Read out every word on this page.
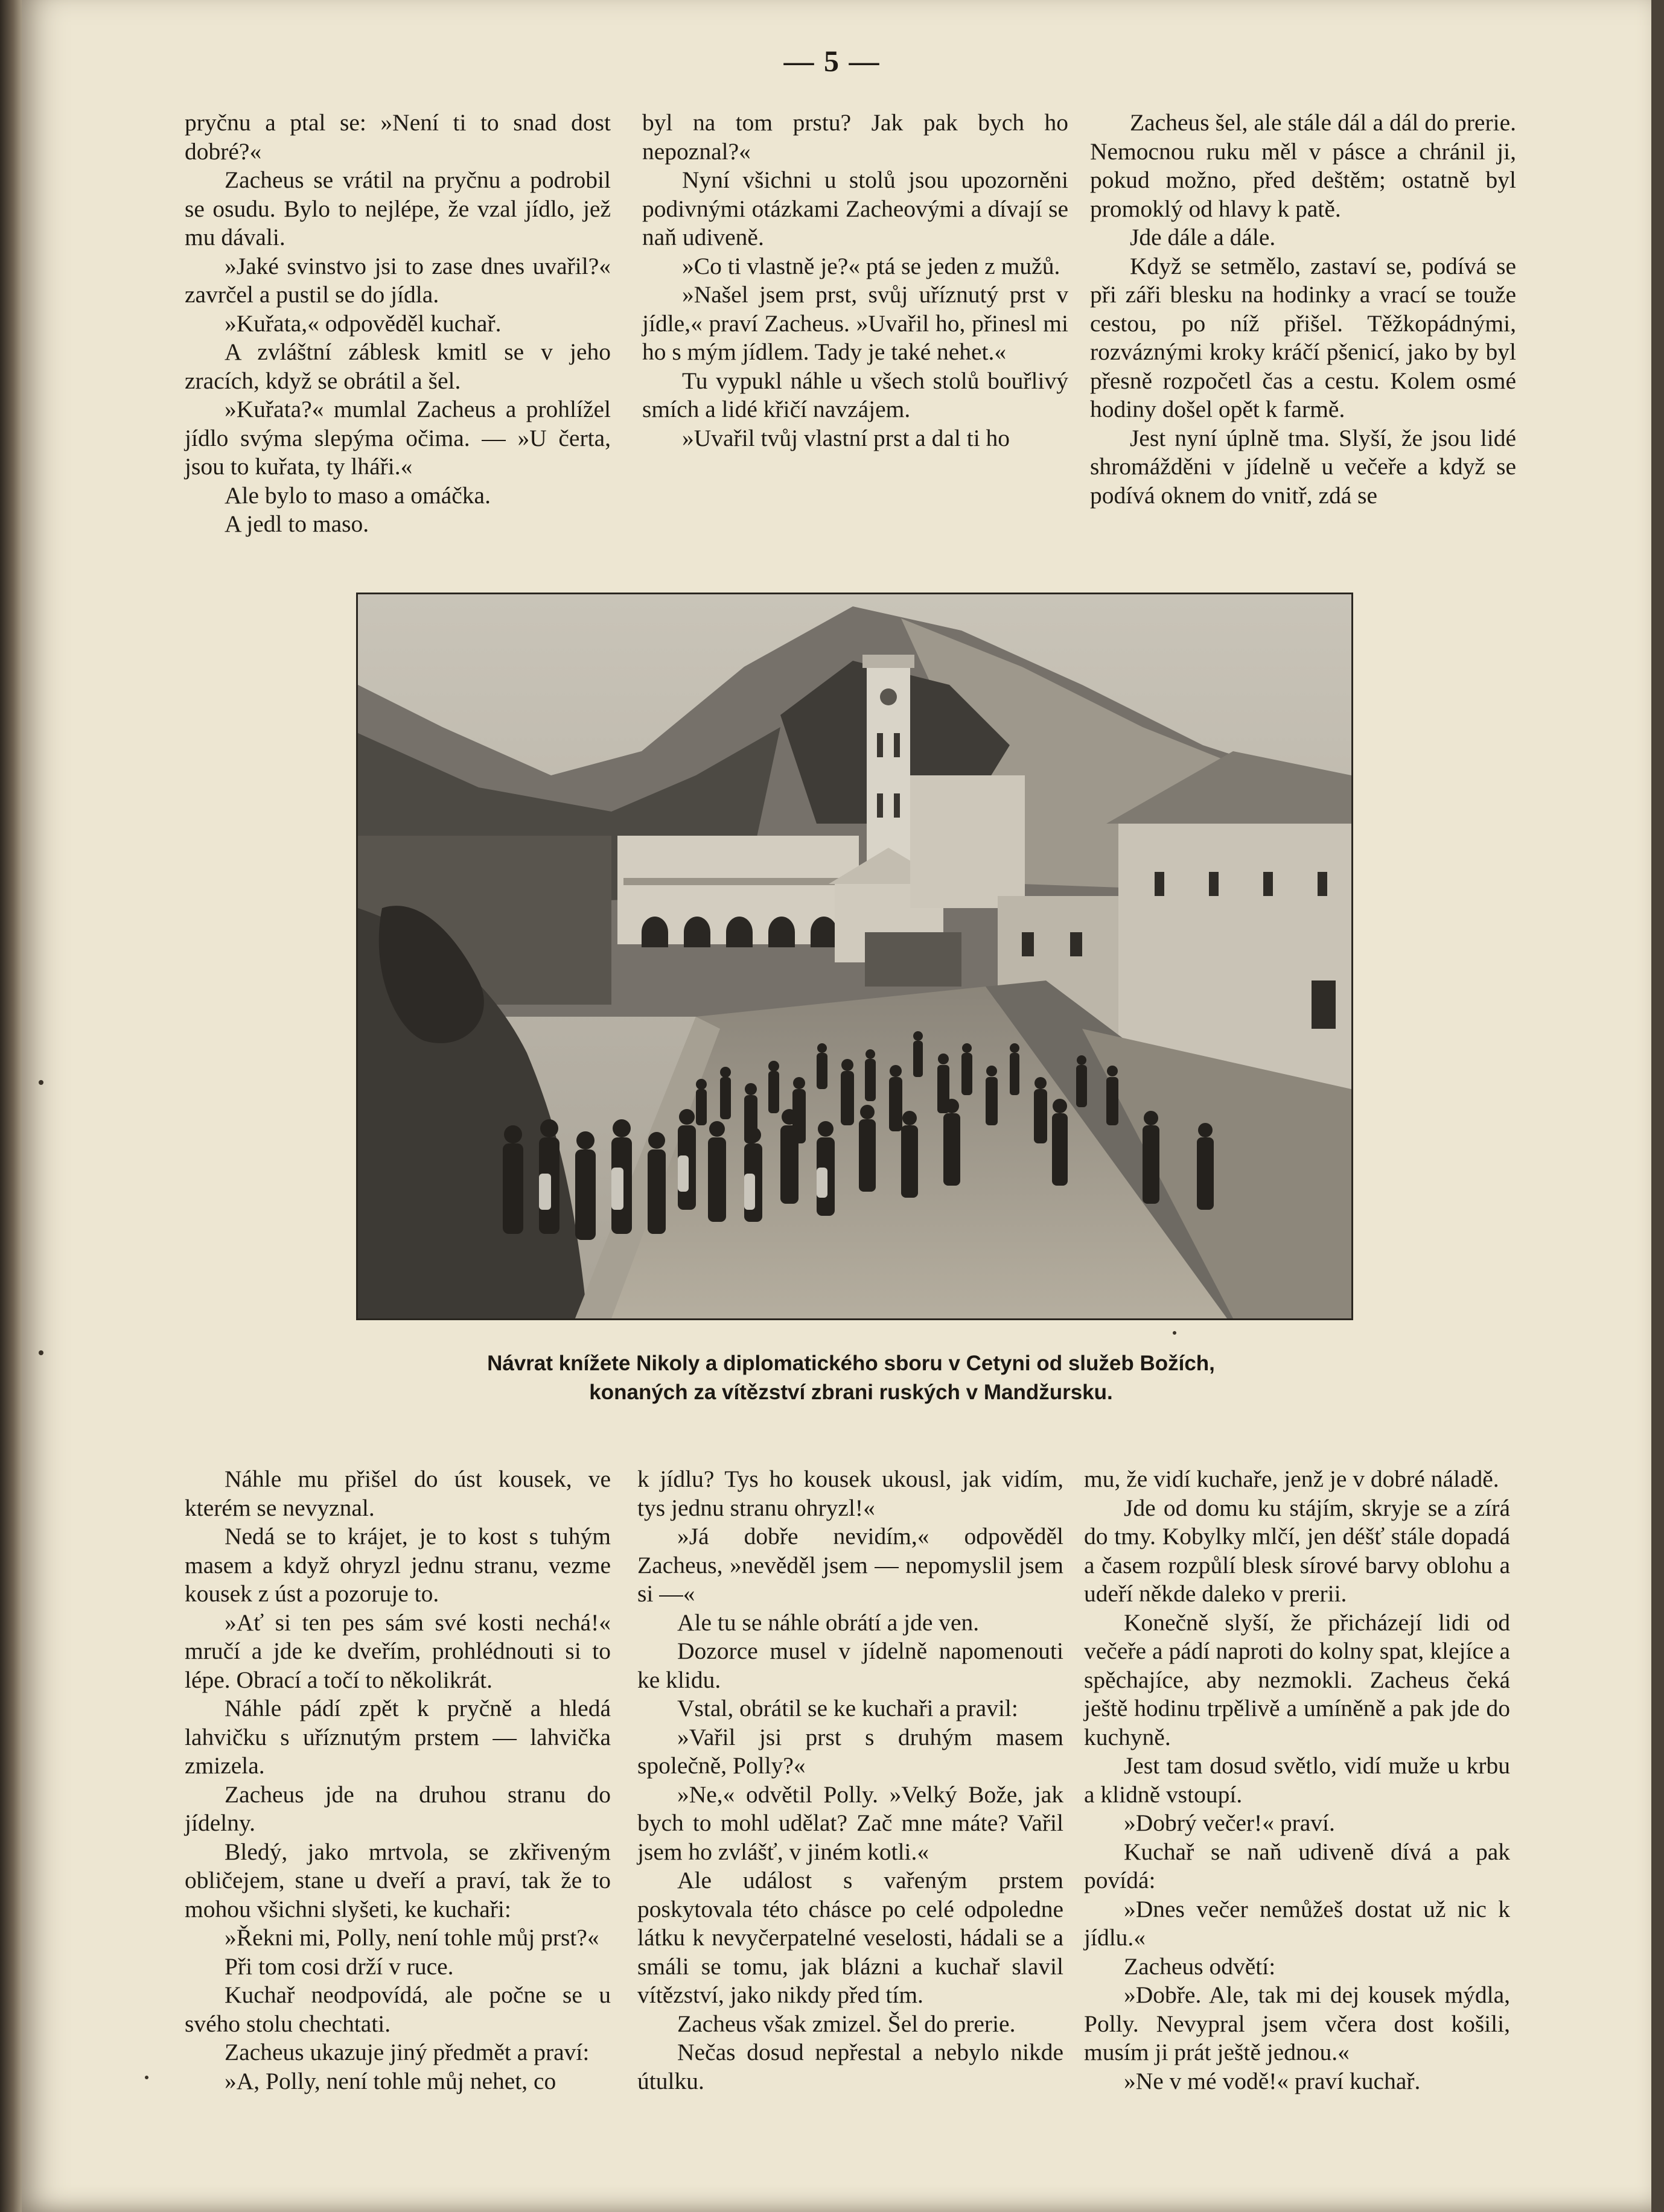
— 5 —

pryčnu a ptal se: »Není ti to snad dost dobré?«

Zacheus se vrátil na pryčnu a podrobil se osudu. Bylo to nejlépe, že vzal jídlo, jež mu dávali.

»Jaké svinstvo jsi to zase dnes uvařil?« zavrčel a pustil se do jídla.

»Kuřata,« odpověděl kuchař.

A zvláštní záblesk kmitl se v jeho zracích, když se obrátil a šel.

»Kuřata?« mumlal Zacheus a prohlížel jídlo svýma slepýma očima. — »U čerta, jsou to kuřata, ty lháři.«

Ale bylo to maso a omáčka.

A jedl to maso.

byl na tom prstu? Jak pak bych ho nepoznal?«

Nyní všichni u stolů jsou upozorněni podivnými otázkami Zacheovými a dívají se naň udiveně.

»Co ti vlastně je?« ptá se jeden z mužů.

»Našel jsem prst, svůj uříznutý prst v jídle,« praví Zacheus. »Uvařil ho, přinesl mi ho s mým jídlem. Tady je také nehet.«

Tu vypukl náhle u všech stolů bouřlivý smích a lidé křičí navzájem.

»Uvařil tvůj vlastní prst a dal ti ho

Zacheus šel, ale stále dál a dál do prerie. Nemocnou ruku měl v pásce a chránil ji, pokud možno, před deštěm; ostatně byl promoklý od hlavy k patě.

Jde dále a dále.

Když se setmělo, zastaví se, podívá se při záři blesku na hodinky a vrací se touže cestou, po níž přišel. Těžkopádnými, rozváznými kroky kráčí pšenicí, jako by byl přesně rozpočetl čas a cestu. Kolem osmé hodiny došel opět k farmě.

Jest nyní úplně tma. Slyší, že jsou lidé shromážděni v jídelně u večeře a když se podívá oknem do vnitř, zdá se

Návrat knížete Nikoly a diplomatického sboru v Cetyni od služeb Božích,
konaných za vítězství zbrani ruských v Mandžursku.

Náhle mu přišel do úst kousek, ve kterém se nevyznal.

Nedá se to krájet, je to kost s tuhým masem a když ohryzl jednu stranu, vezme kousek z úst a pozoruje to.

»Ať si ten pes sám své kosti nechá!« mručí a jde ke dveřím, prohlédnouti si to lépe. Obrací a točí to několikrát.

Náhle pádí zpět k pryčně a hledá lahvičku s uříznutým prstem — lahvička zmizela.

Zacheus jde na druhou stranu do jídelny.

Bledý, jako mrtvola, se zkřiveným obličejem, stane u dveří a praví, tak že to mohou všichni slyšeti, ke kuchaři:

»Řekni mi, Polly, není tohle můj prst?«

Při tom cosi drží v ruce.

Kuchař neodpovídá, ale počne se u svého stolu chechtati.

Zacheus ukazuje jiný předmět a praví:

»A, Polly, není tohle můj nehet, co

k jídlu? Tys ho kousek ukousl, jak vidím, tys jednu stranu ohryzl!«

»Já dobře nevidím,« odpověděl Zacheus, »nevěděl jsem — nepomyslil jsem si —«

Ale tu se náhle obrátí a jde ven.

Dozorce musel v jídelně napomenouti ke klidu.

Vstal, obrátil se ke kuchaři a pravil:

»Vařil jsi prst s druhým masem společně, Polly?«

»Ne,« odvětil Polly. »Velký Bože, jak bych to mohl udělat? Zač mne máte? Vařil jsem ho zvlášť, v jiném kotli.«

Ale událost s vařeným prstem poskytovala této chásce po celé odpoledne látku k nevyčerpatelné veselosti, hádali se a smáli se tomu, jak blázni a kuchař slavil vítězství, jako nikdy před tím.

Zacheus však zmizel. Šel do prerie.

Nečas dosud nepřestal a nebylo nikde útulku.

mu, že vidí kuchaře, jenž je v dobré náladě.

Jde od domu ku stájím, skryje se a zírá do tmy. Kobylky mlčí, jen déšť stále dopadá a časem rozpůlí blesk sírové barvy oblohu a udeří někde daleko v prerii.

Konečně slyší, že přicházejí lidi od večeře a pádí naproti do kolny spat, klejíce a spěchajíce, aby nezmokli. Zacheus čeká ještě hodinu trpělivě a umíněně a pak jde do kuchyně.

Jest tam dosud světlo, vidí muže u krbu a klidně vstoupí.

»Dobrý večer!« praví.

Kuchař se naň udiveně dívá a pak povídá:

»Dnes večer nemůžeš dostat už nic k jídlu.«

Zacheus odvětí:

»Dobře. Ale, tak mi dej kousek mýdla, Polly. Nevypral jsem včera dost košili, musím ji prát ještě jednou.«

»Ne v mé vodě!« praví kuchař.
